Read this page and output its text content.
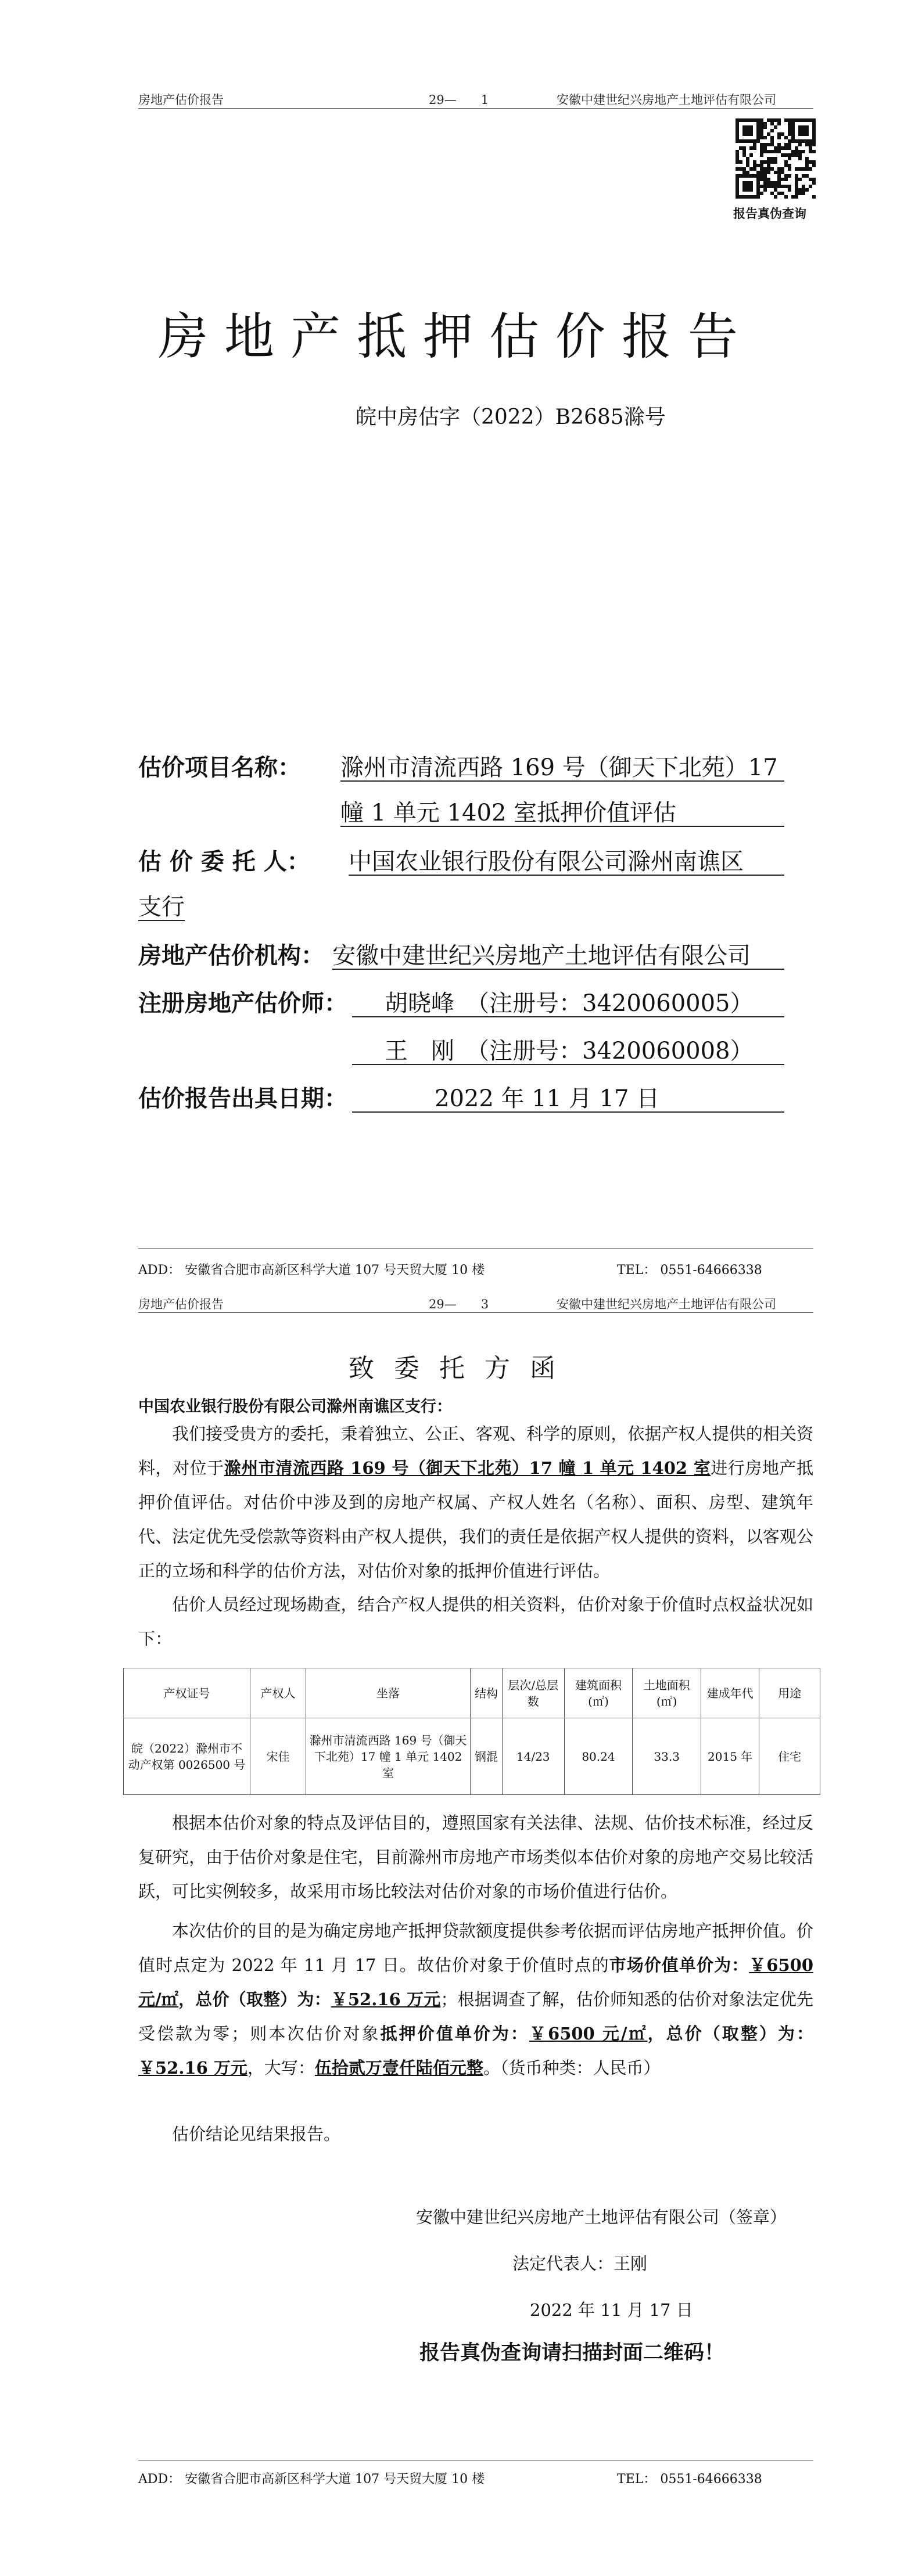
房地产估价报告	29—　　1	安徽中建世纪兴房地产土地评估有限公司
报告真伪查询
房地产抵押估价报告
皖中房估字（2022）B2685滁号
估价项目名称： 滁州市清流西路 169 号（御天下北苑）17
幢 1 单元 1402 室抵押价值评估
估 价 委 托 人： 中国农业银行股份有限公司滁州南谯区
支行
房地产估价机构： 安徽中建世纪兴房地产土地评估有限公司
注册房地产估价师： 胡晓峰　（注册号：3420060005）
王　刚　（注册号：3420060008）
估价报告出具日期：	2022 年 11 月 17 日
ADD： 安徽省合肥市高新区科学大道 107 号天贸大厦 10 楼	TEL： 0551-64666338
房地产估价报告	29—　　3	安徽中建世纪兴房地产土地评估有限公司
致委托方函
中国农业银行股份有限公司滁州南谯区支行：
我们接受贵方的委托，秉着独立、公正、客观、科学的原则，依据产权人提供的相关资料，对位于滁州市清流西路 169 号（御天下北苑）17 幢 1 单元 1402 室进行房地产抵押价值评估。对估价中涉及到的房地产权属、产权人姓名（名称）、面积、房型、建筑年代、法定优先受偿款等资料由产权人提供，我们的责任是依据产权人提供的资料，以客观公正的立场和科学的估价方法，对估价对象的抵押价值进行评估。
估价人员经过现场勘查，结合产权人提供的相关资料，估价对象于价值时点权益状况如下：
产权证号	产权人	坐落	结构	层次/总层数	建筑面积(㎡)	土地面积(㎡)	建成年代	用途
皖（2022）滁州市不动产权第 0026500 号	宋佳	滁州市清流西路 169 号（御天下北苑）17 幢 1 单元 1402 室	钢混	14/23	80.24	33.3	2015 年	住宅
根据本估价对象的特点及评估目的，遵照国家有关法律、法规、估价技术标准，经过反复研究，由于估价对象是住宅，目前滁州市房地产市场类似本估价对象的房地产交易比较活跃，可比实例较多，故采用市场比较法对估价对象的市场价值进行估价。
本次估价的目的是为确定房地产抵押贷款额度提供参考依据而评估房地产抵押价值。价值时点定为 2022 年 11 月 17 日。故估价对象于价值时点的市场价值单价为：￥6500 元/㎡，总价（取整）为：￥52.16 万元；根据调查了解，估价师知悉的估价对象法定优先受偿款为零；则本次估价对象抵押价值单价为：￥6500 元/㎡，总价（取整）为：￥52.16 万元，大写：伍拾贰万壹仟陆佰元整。（货币种类：人民币）
估价结论见结果报告。
安徽中建世纪兴房地产土地评估有限公司（签章）
法定代表人：王刚
2022 年 11 月 17 日
报告真伪查询请扫描封面二维码！
ADD： 安徽省合肥市高新区科学大道 107 号天贸大厦 10 楼	TEL： 0551-64666338
